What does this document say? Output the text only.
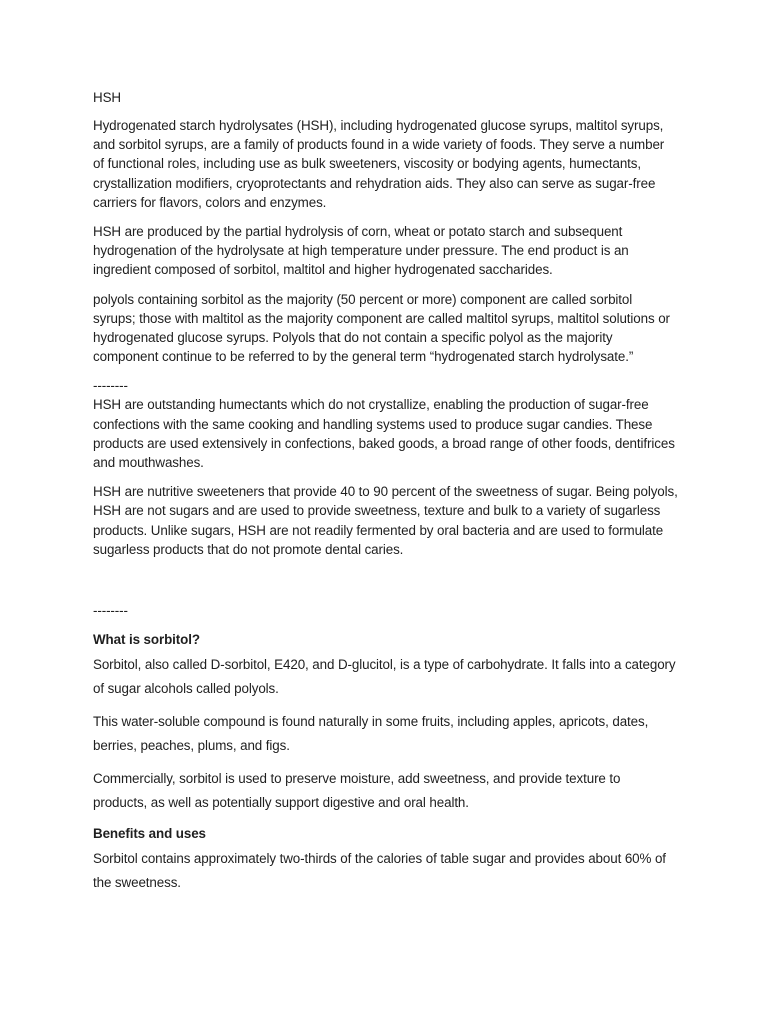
HSH
Hydrogenated starch hydrolysates (HSH), including hydrogenated glucose syrups, maltitol syrups, and sorbitol syrups, are a family of products found in a wide variety of foods. They serve a number of functional roles, including use as bulk sweeteners, viscosity or bodying agents, humectants, crystallization modifiers, cryoprotectants and rehydration aids. They also can serve as sugar-free carriers for flavors, colors and enzymes.
HSH are produced by the partial hydrolysis of corn, wheat or potato starch and subsequent hydrogenation of the hydrolysate at high temperature under pressure. The end product is an ingredient composed of sorbitol, maltitol and higher hydrogenated saccharides.
polyols containing sorbitol as the majority (50 percent or more) component are called sorbitol syrups; those with maltitol as the majority component are called maltitol syrups, maltitol solutions or hydrogenated glucose syrups. Polyols that do not contain a specific polyol as the majority component continue to be referred to by the general term “hydrogenated starch hydrolysate.”
--------
HSH are outstanding humectants which do not crystallize, enabling the production of sugar-free confections with the same cooking and handling systems used to produce sugar candies. These products are used extensively in confections, baked goods, a broad range of other foods, dentifrices and mouthwashes.
HSH are nutritive sweeteners that provide 40 to 90 percent of the sweetness of sugar. Being polyols, HSH are not sugars and are used to provide sweetness, texture and bulk to a variety of sugarless products. Unlike sugars, HSH are not readily fermented by oral bacteria and are used to formulate sugarless products that do not promote dental caries.
--------
What is sorbitol?
Sorbitol, also called D-sorbitol, E420, and D-glucitol, is a type of carbohydrate. It falls into a category of sugar alcohols called polyols.
This water-soluble compound is found naturally in some fruits, including apples, apricots, dates, berries, peaches, plums, and figs.
Commercially, sorbitol is used to preserve moisture, add sweetness, and provide texture to products, as well as potentially support digestive and oral health.
Benefits and uses
Sorbitol contains approximately two-thirds of the calories of table sugar and provides about 60% of the sweetness.
